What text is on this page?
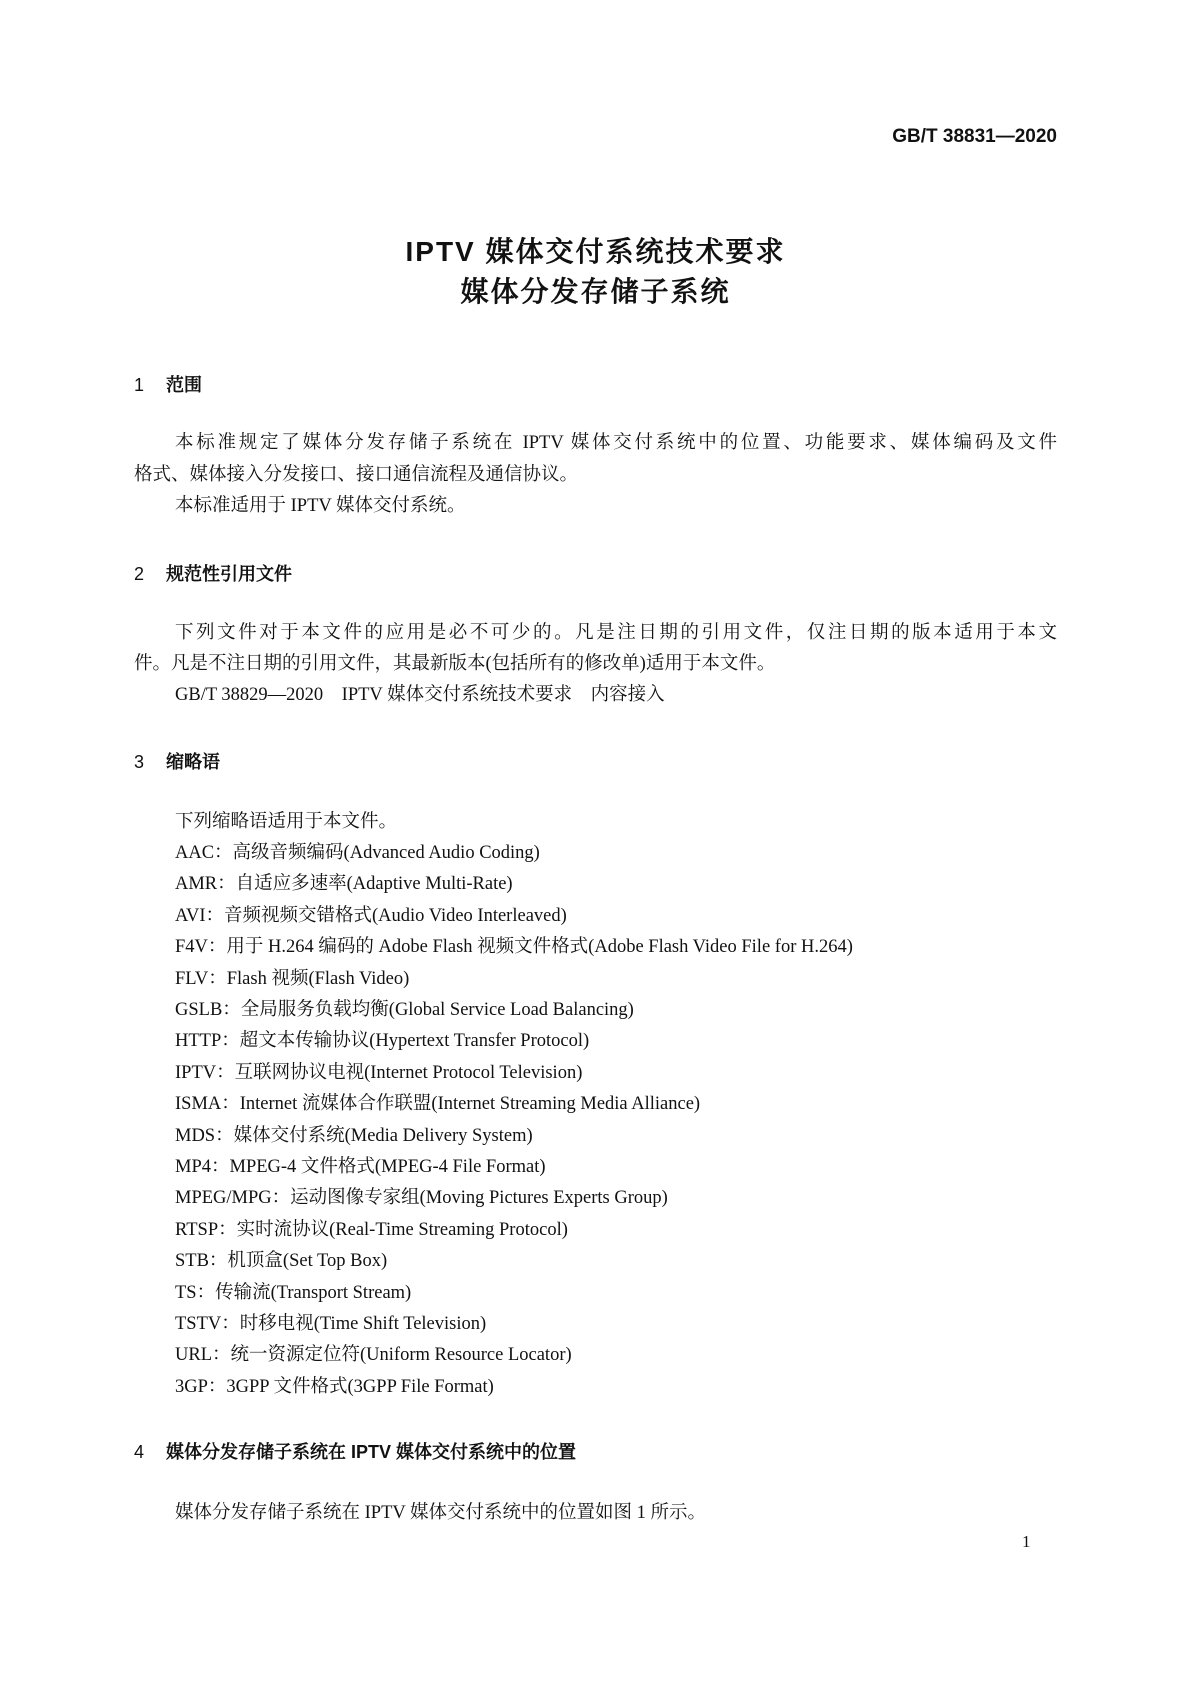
GB/T 38831—2020
IPTV 媒体交付系统技术要求
媒体分发存储子系统
1 范围
本标准规定了媒体分发存储子系统在 IPTV 媒体交付系统中的位置、功能要求、媒体编码及文件
格式、媒体接入分发接口、接口通信流程及通信协议。
本标准适用于 IPTV 媒体交付系统。
2 规范性引用文件
下列文件对于本文件的应用是必不可少的。凡是注日期的引用文件，仅注日期的版本适用于本文
件。凡是不注日期的引用文件，其最新版本(包括所有的修改单)适用于本文件。
GB/T 38829—2020　IPTV 媒体交付系统技术要求　内容接入
3 缩略语
下列缩略语适用于本文件。
AAC：高级音频编码(Advanced Audio Coding)
AMR：自适应多速率(Adaptive Multi-Rate)
AVI：音频视频交错格式(Audio Video Interleaved)
F4V：用于 H.264 编码的 Adobe Flash 视频文件格式(Adobe Flash Video File for H.264)
FLV：Flash 视频(Flash Video)
GSLB：全局服务负载均衡(Global Service Load Balancing)
HTTP：超文本传输协议(Hypertext Transfer Protocol)
IPTV：互联网协议电视(Internet Protocol Television)
ISMA：Internet 流媒体合作联盟(Internet Streaming Media Alliance)
MDS：媒体交付系统(Media Delivery System)
MP4：MPEG-4 文件格式(MPEG-4 File Format)
MPEG/MPG：运动图像专家组(Moving Pictures Experts Group)
RTSP：实时流协议(Real-Time Streaming Protocol)
STB：机顶盒(Set Top Box)
TS：传输流(Transport Stream)
TSTV：时移电视(Time Shift Television)
URL：统一资源定位符(Uniform Resource Locator)
3GP：3GPP 文件格式(3GPP File Format)
4 媒体分发存储子系统在 IPTV 媒体交付系统中的位置
媒体分发存储子系统在 IPTV 媒体交付系统中的位置如图 1 所示。
1
